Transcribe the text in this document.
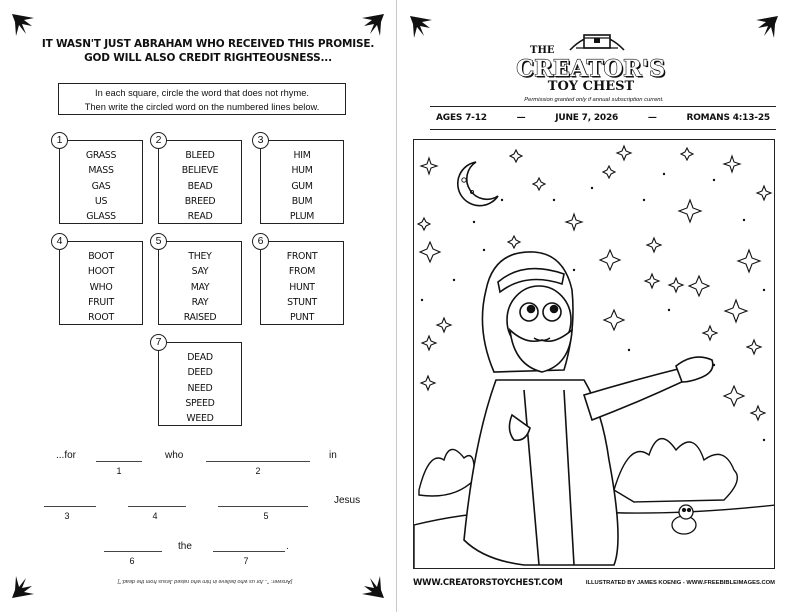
IT WASN'T JUST ABRAHAM WHO RECEIVED THIS PROMISE.
GOD WILL ALSO CREDIT RIGHTEOUSNESS...
In each square, circle the word that does not rhyme.
Then write the circled word on the numbered lines below.
1
GRASS
MASS
GAS
US
GLASS
2
BLEED
BELIEVE
BEAD
BREED
READ
3
HIM
HUM
GUM
BUM
PLUM
4
BOOT
HOOT
WHO
FRUIT
ROOT
5
THEY
SAY
MAY
RAY
RAISED
6
FRONT
FROM
HUNT
STUNT
PUNT
7
DEAD
DEED
NEED
SPEED
WEED
...for
1
who
2
in
3	4	5
Jesus
6
the	.
7
[Answer: "...for us who believe in him who raised Jesus from the dead."]
THE
CREATOR'S
TOY CHEST
Permission granted only if annual subscription current.
AGES 7-12	—	JUNE 7, 2026	—	ROMANS 4:13-25
WWW.CREATORSTOYCHEST.COM	ILLUSTRATED BY JAMES KOENIG - WWW.FREEBIBLEIMAGES.COM
